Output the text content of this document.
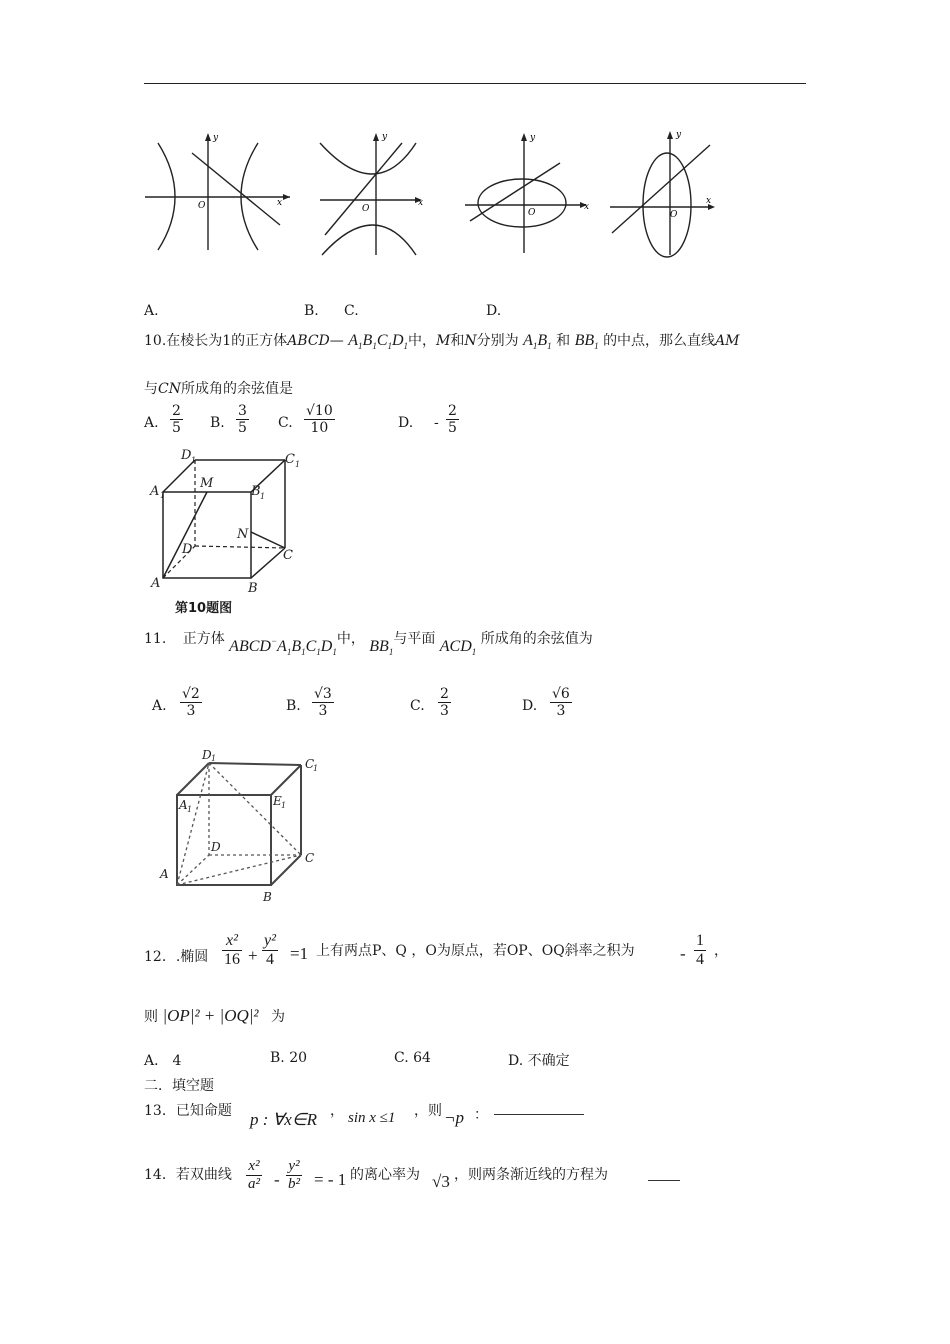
y
x
O
y
x
O
y
x
O
y
x
O
A.	B. C.	D.
10.在棱长为1的正方体ABCD— $A_1B_1C_1D_1$中，M和N分别为 $A_1B_1$ 和 $BB_1$ 的中点，那么直线AM
与CN所成角的余弦值是
A. $\frac{2}{5} B$. $\frac{3}{5} C$. $\frac{√10}{10}$	D. - $\frac{2}{5}$
D 1	C 1
A 1
M
B 1
D
N
C
A	B
第10题图
11. 正方体 $ABCD^-A_1B_1C_1D_1$中， $BB_1$与平面 $ACD_1$ 所成角的余弦值为
A. $\frac{√2}{3}$	B. $\frac{√3}{3}$	C. $\frac{2}{3}$	D. $\frac{√6}{3}$
D 1	C
1
A 1
E 1
D
C
A
B
12．.椭圆 $\frac{\text{x²}}{16} + \frac{\text{y²}}{4} =1$ 上有两点P、Q ，O为原点，若OP、OQ斜率之积为	- $\frac{1}{4}$ ，
则 |OP|² + |OQ|² 为
A． 4	B. 20	C. 64	D. 不确定
二．填空题
13．已知命题 p : ∀x∈R ， sin x ≤1 ，则 ¬p ：
14．若双曲线 $\frac{\text{x²}}{\text{a²}} - \frac{\text{y²}}{\text{b²}}$ = - 1 的离心率为 √3 ，则两条渐近线的方程为
